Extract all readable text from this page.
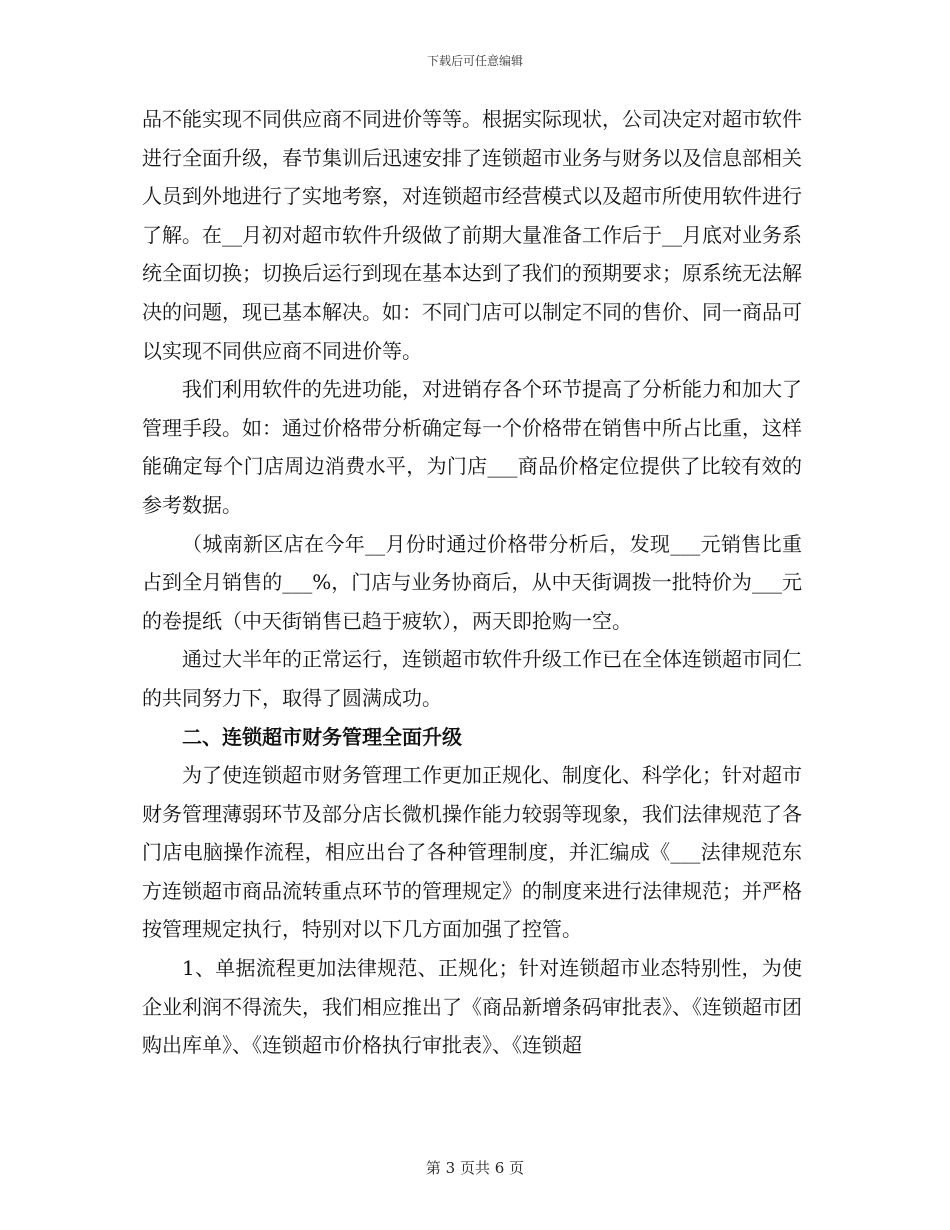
下载后可任意编辑

品不能实现不同供应商不同进价等等。根据实际现状，公司决定对超市软件进行全面升级，春节集训后迅速安排了连锁超市业务与财务以及信息部相关人员到外地进行了实地考察，对连锁超市经营模式以及超市所使用软件进行了解。在__月初对超市软件升级做了前期大量准备工作后于__月底对业务系统全面切换；切换后运行到现在基本达到了我们的预期要求；原系统无法解决的问题，现已基本解决。如：不同门店可以制定不同的售价、同一商品可以实现不同供应商不同进价等。

我们利用软件的先进功能，对进销存各个环节提高了分析能力和加大了管理手段。如：通过价格带分析确定每一个价格带在销售中所占比重，这样能确定每个门店周边消费水平，为门店___商品价格定位提供了比较有效的参考数据。

（城南新区店在今年__月份时通过价格带分析后，发现___元销售比重占到全月销售的___%，门店与业务协商后，从中天街调拨一批特价为___元的卷提纸（中天街销售已趋于疲软），两天即抢购一空。

通过大半年的正常运行，连锁超市软件升级工作已在全体连锁超市同仁的共同努力下，取得了圆满成功。

二、连锁超市财务管理全面升级

为了使连锁超市财务管理工作更加正规化、制度化、科学化；针对超市财务管理薄弱环节及部分店长微机操作能力较弱等现象，我们法律规范了各门店电脑操作流程，相应出台了各种管理制度，并汇编成《___法律规范东方连锁超市商品流转重点环节的管理规定》的制度来进行法律规范；并严格按管理规定执行，特别对以下几方面加强了控管。

1、单据流程更加法律规范、正规化；针对连锁超市业态特别性，为使企业利润不得流失，我们相应推出了《商品新增条码审批表》、《连锁超市团购出库单》、《连锁超市价格执行审批表》、《连锁超

第 3 页共 6 页
